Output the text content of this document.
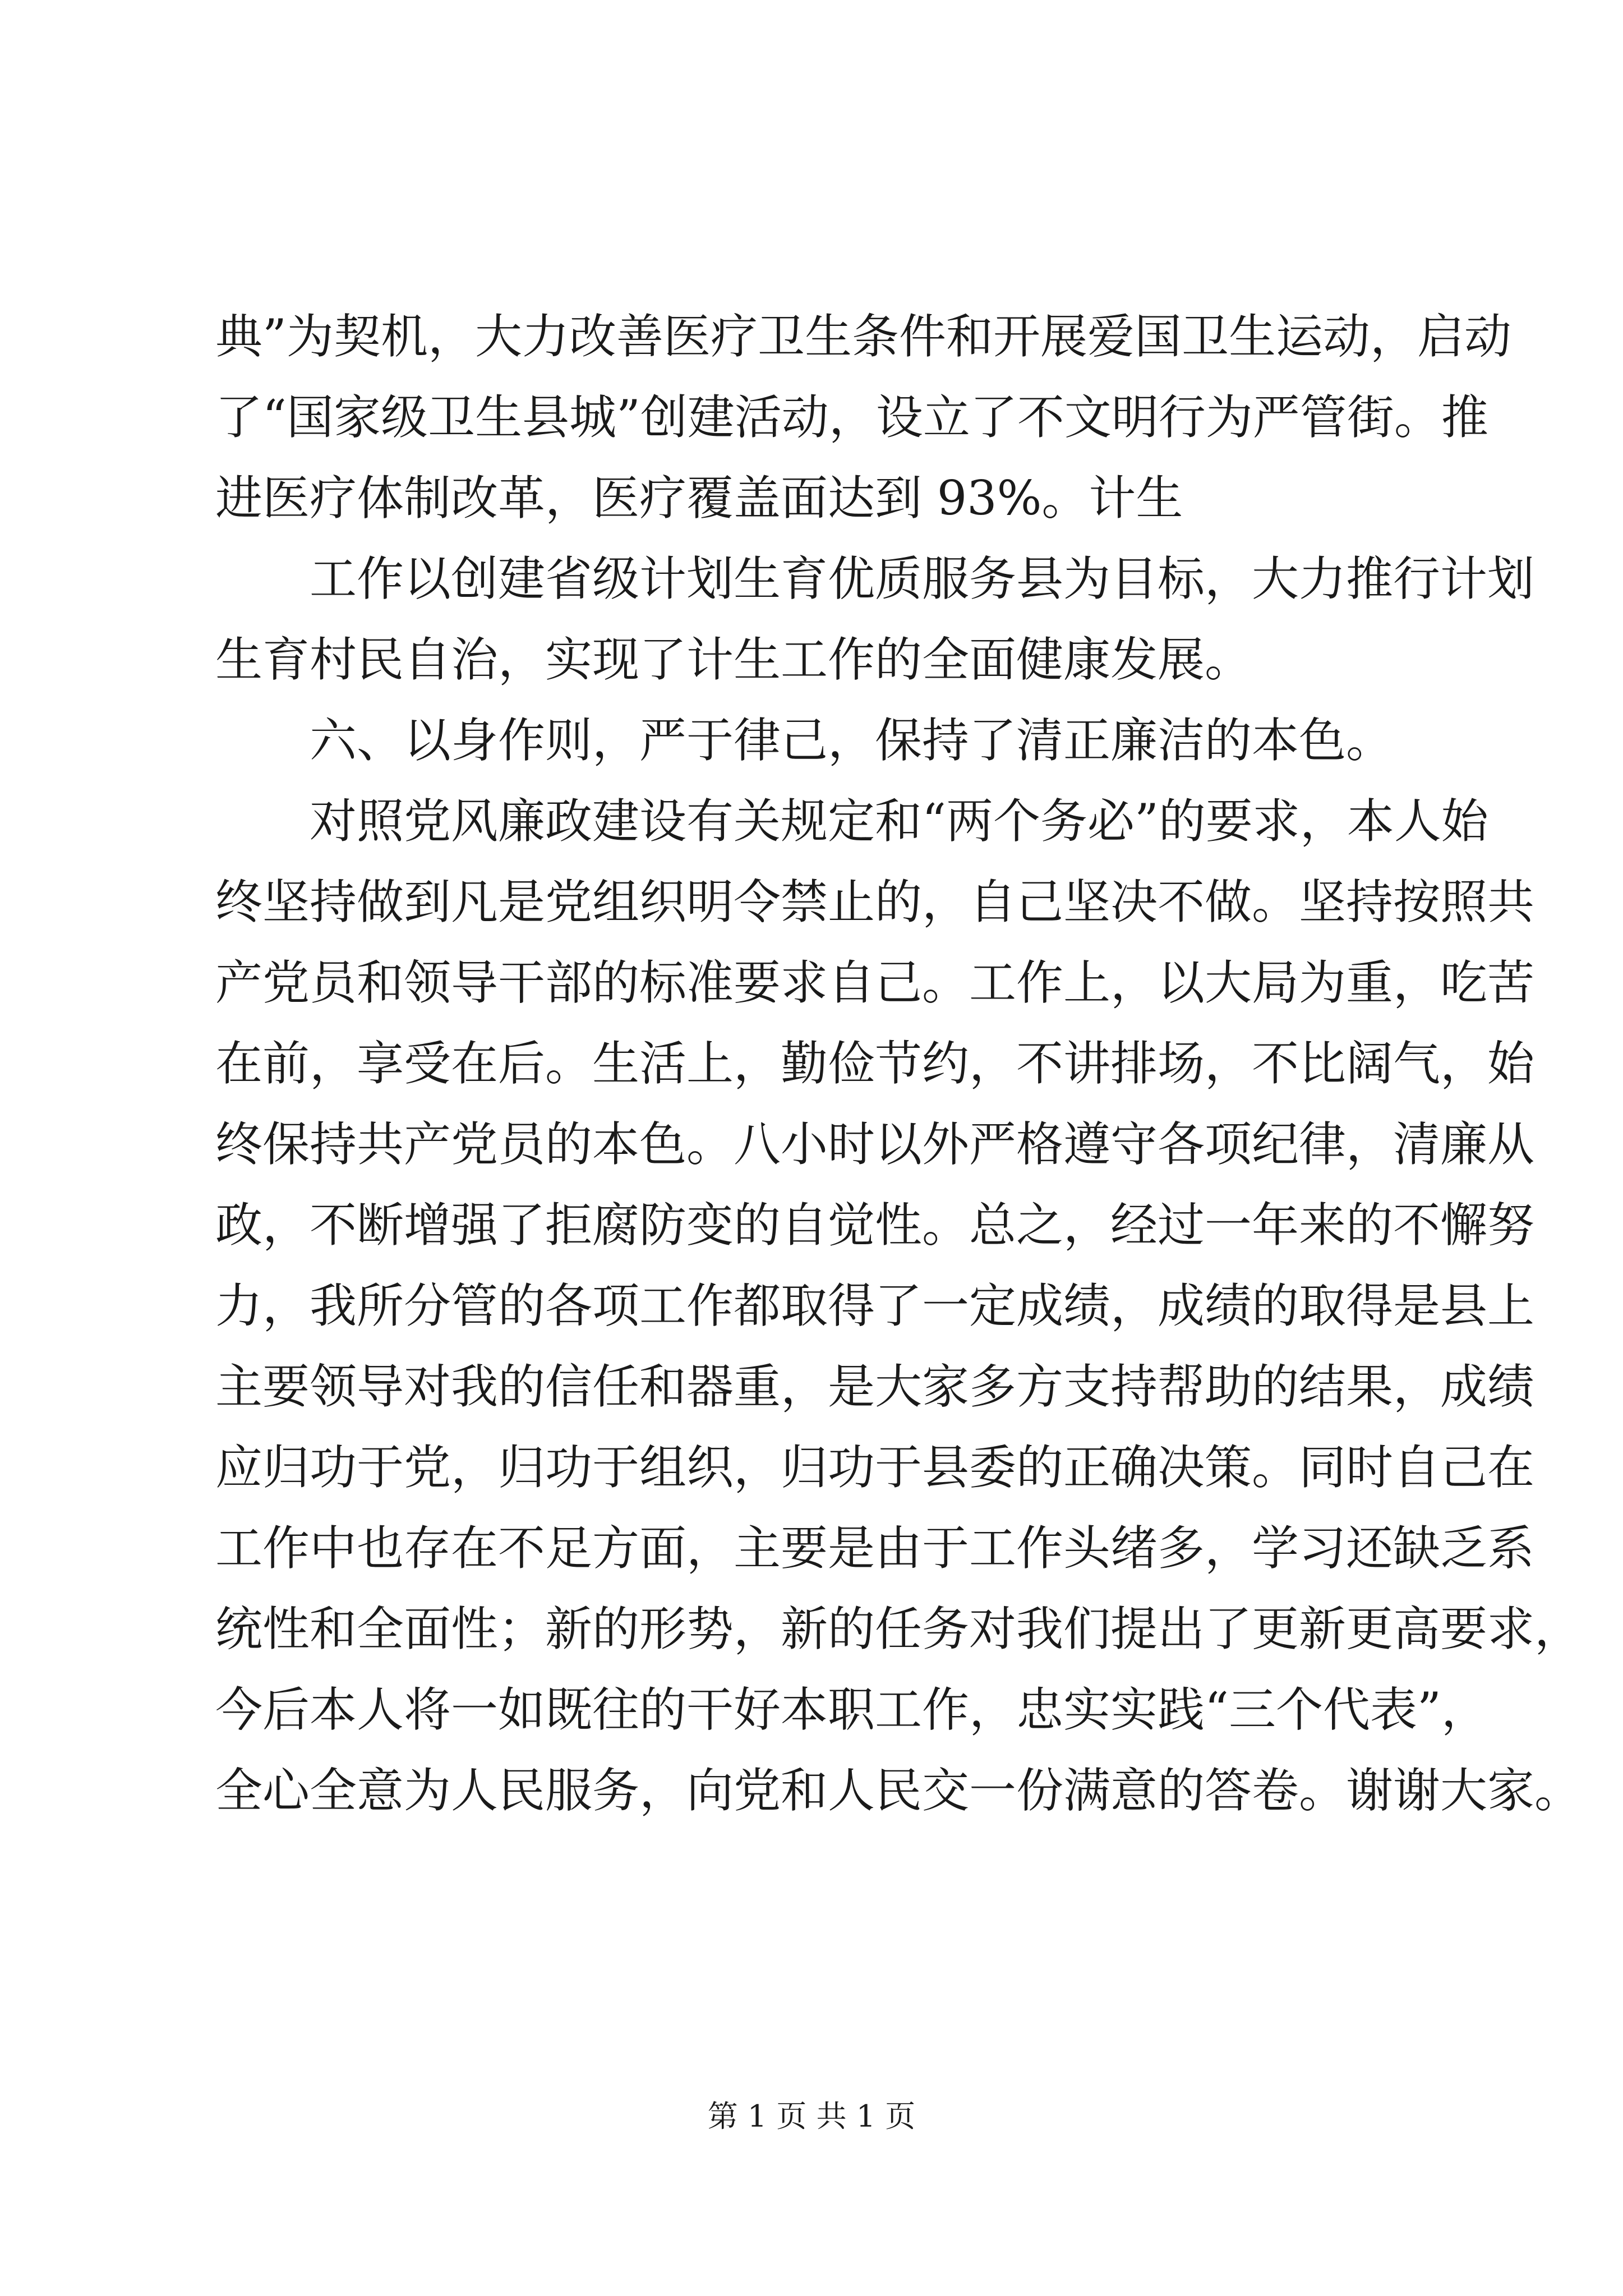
典”为契机，大力改善医疗卫生条件和开展爱国卫生运动，启动
了“国家级卫生县城”创建活动，设立了不文明行为严管街。推
进医疗体制改革，医疗覆盖面达到 93%。计生
工作以创建省级计划生育优质服务县为目标，大力推行计划
生育村民自治，实现了计生工作的全面健康发展。
六、以身作则，严于律己，保持了清正廉洁的本色。
对照党风廉政建设有关规定和“两个务必”的要求，本人始
终坚持做到凡是党组织明令禁止的，自己坚决不做。坚持按照共
产党员和领导干部的标准要求自己。工作上，以大局为重，吃苦
在前，享受在后。生活上，勤俭节约，不讲排场，不比阔气，始
终保持共产党员的本色。八小时以外严格遵守各项纪律，清廉从
政，不断增强了拒腐防变的自觉性。总之，经过一年来的不懈努
力，我所分管的各项工作都取得了一定成绩，成绩的取得是县上
主要领导对我的信任和器重，是大家多方支持帮助的结果，成绩
应归功于党，归功于组织，归功于县委的正确决策。同时自己在
工作中也存在不足方面，主要是由于工作头绪多，学习还缺乏系
统性和全面性；新的形势，新的任务对我们提出了更新更高要求，
今后本人将一如既往的干好本职工作，忠实实践“三个代表”，
全心全意为人民服务，向党和人民交一份满意的答卷。谢谢大家。
第 1 页 共 1 页
